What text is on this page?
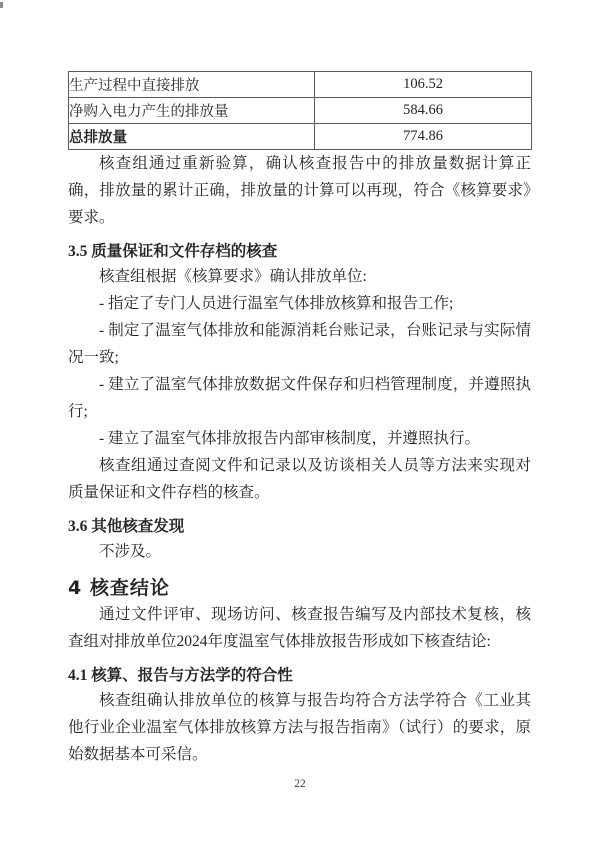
生产过程中直接排放	106.52
净购入电力产生的排放量	584.66
总排放量	774.86

核查组通过重新验算，确认核查报告中的排放量数据计算正确，排放量的累计正确，排放量的计算可以再现，符合《核算要求》要求。

3.5 质量保证和文件存档的核查

核查组根据《核算要求》确认排放单位:

- 指定了专门人员进行温室气体排放核算和报告工作;

- 制定了温室气体排放和能源消耗台账记录，台账记录与实际情况一致;

- 建立了温室气体排放数据文件保存和归档管理制度，并遵照执行;

- 建立了温室气体排放报告内部审核制度，并遵照执行。

核查组通过查阅文件和记录以及访谈相关人员等方法来实现对质量保证和文件存档的核查。

3.6 其他核查发现

不涉及。

4 核查结论

通过文件评审、现场访问、核查报告编写及内部技术复核，核查组对排放单位2024年度温室气体排放报告形成如下核查结论:

4.1 核算、报告与方法学的符合性

核查组确认排放单位的核算与报告均符合方法学符合《工业其他行业企业温室气体排放核算方法与报告指南》（试行）的要求，原始数据基本可采信。

22
